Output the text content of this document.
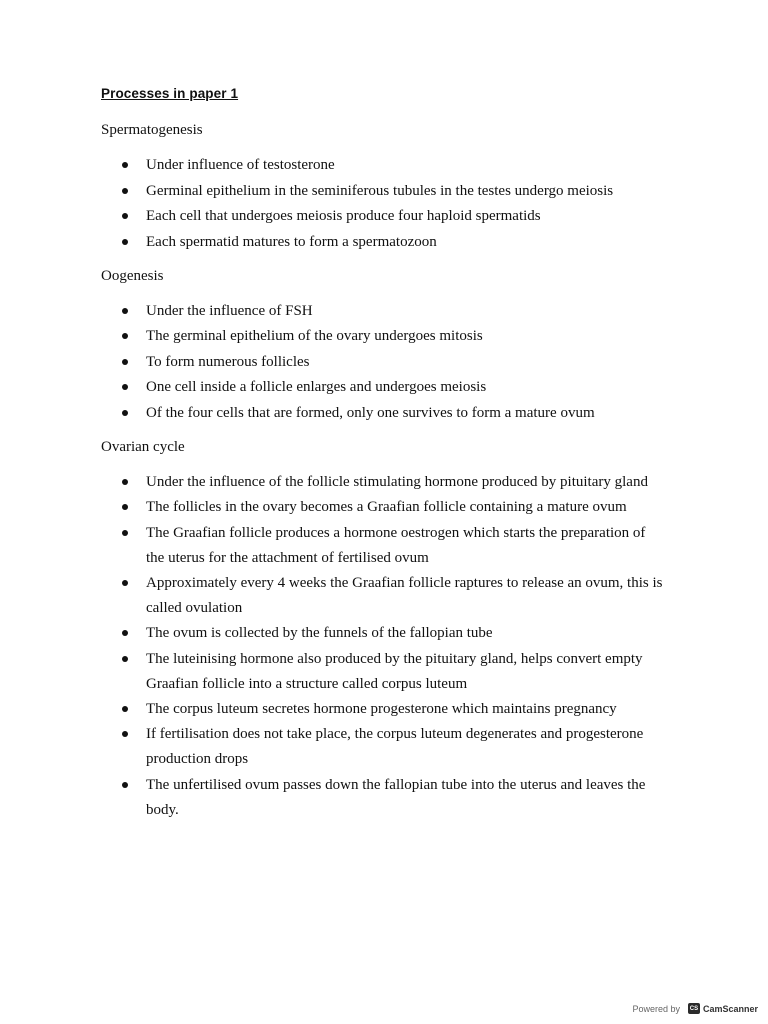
Processes in paper 1
Spermatogenesis
Under influence of testosterone
Germinal epithelium in the seminiferous tubules in the testes undergo meiosis
Each cell that undergoes meiosis produce four haploid spermatids
Each spermatid matures to form a spermatozoon
Oogenesis
Under the influence of FSH
The germinal epithelium of the ovary undergoes mitosis
To form numerous follicles
One cell inside a follicle enlarges and undergoes meiosis
Of the four cells that are formed, only one survives to form a mature ovum
Ovarian cycle
Under the influence of the follicle stimulating hormone produced by pituitary gland
The follicles in the ovary becomes a Graafian follicle containing a mature ovum
The Graafian follicle produces a hormone oestrogen which starts the preparation of
the uterus for the attachment of fertilised ovum
Approximately every 4 weeks the Graafian follicle raptures to release an ovum, this is
called ovulation
The ovum is collected by the funnels of the fallopian tube
The luteinising hormone also produced by the pituitary gland, helps convert empty
Graafian follicle into a structure called corpus luteum
The corpus luteum secretes hormone progesterone which maintains pregnancy
If fertilisation does not take place, the corpus luteum degenerates and progesterone
production drops
The unfertilised ovum passes down the fallopian tube into the uterus and leaves the
body.
Powered by	CS CamScanner
